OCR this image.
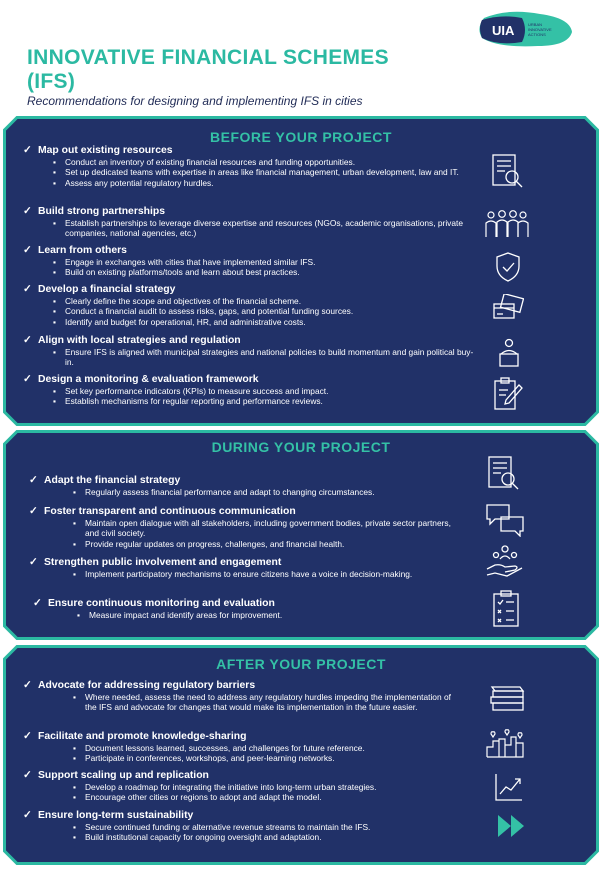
UIA	URBAN
INNOVATIVE
ACTIONS
INNOVATIVE FINANCIAL SCHEMES (IFS)
Recommendations for designing and implementing IFS in cities
BEFORE YOUR PROJECT
✓ Map out existing resources
▪ Conduct an inventory of existing financial resources and funding opportunities.
▪ Set up dedicated teams with expertise in areas like financial management, urban development, law and IT.
▪ Assess any potential regulatory hurdles.
✓ Build strong partnerships
▪ Establish partnerships to leverage diverse expertise and resources (NGOs, academic organisations, private companies, national agencies, etc.)
✓ Learn from others
▪ Engage in exchanges with cities that have implemented similar IFS.
▪ Build on existing platforms/tools and learn about best practices.
✓ Develop a financial strategy
▪ Clearly define the scope and objectives of the financial scheme.
▪ Conduct a financial audit to assess risks, gaps, and potential funding sources.
▪ Identify and budget for operational, HR, and administrative costs.
✓ Align with local strategies and regulation
▪ Ensure IFS is aligned with municipal strategies and national policies to build momentum and gain political buy-in.
✓ Design a monitoring & evaluation framework
▪ Set key performance indicators (KPIs) to measure success and impact.
▪ Establish mechanisms for regular reporting and performance reviews.
DURING YOUR PROJECT
✓ Adapt the financial strategy
▪ Regularly assess financial performance and adapt to changing circumstances.
✓ Foster transparent and continuous communication
▪ Maintain open dialogue with all stakeholders, including government bodies, private sector partners, and civil society.
▪ Provide regular updates on progress, challenges, and financial health.
✓ Strengthen public involvement and engagement
▪ Implement participatory mechanisms to ensure citizens have a voice in decision-making.
✓ Ensure continuous monitoring and evaluation
▪ Measure impact and identify areas for improvement.
AFTER YOUR PROJECT
✓ Advocate for addressing regulatory barriers
▪ Where needed, assess the need to address any regulatory hurdles impeding the implementation of the IFS and advocate for changes that would make its implementation in the future easier.
✓ Facilitate and promote knowledge-sharing
▪ Document lessons learned, successes, and challenges for future reference.
▪ Participate in conferences, workshops, and peer-learning networks.
✓ Support scaling up and replication
▪ Develop a roadmap for integrating the initiative into long-term urban strategies.
▪ Encourage other cities or regions to adopt and adapt the model.
✓ Ensure long-term sustainability
▪ Secure continued funding or alternative revenue streams to maintain the IFS.
▪ Build institutional capacity for ongoing oversight and adaptation.
